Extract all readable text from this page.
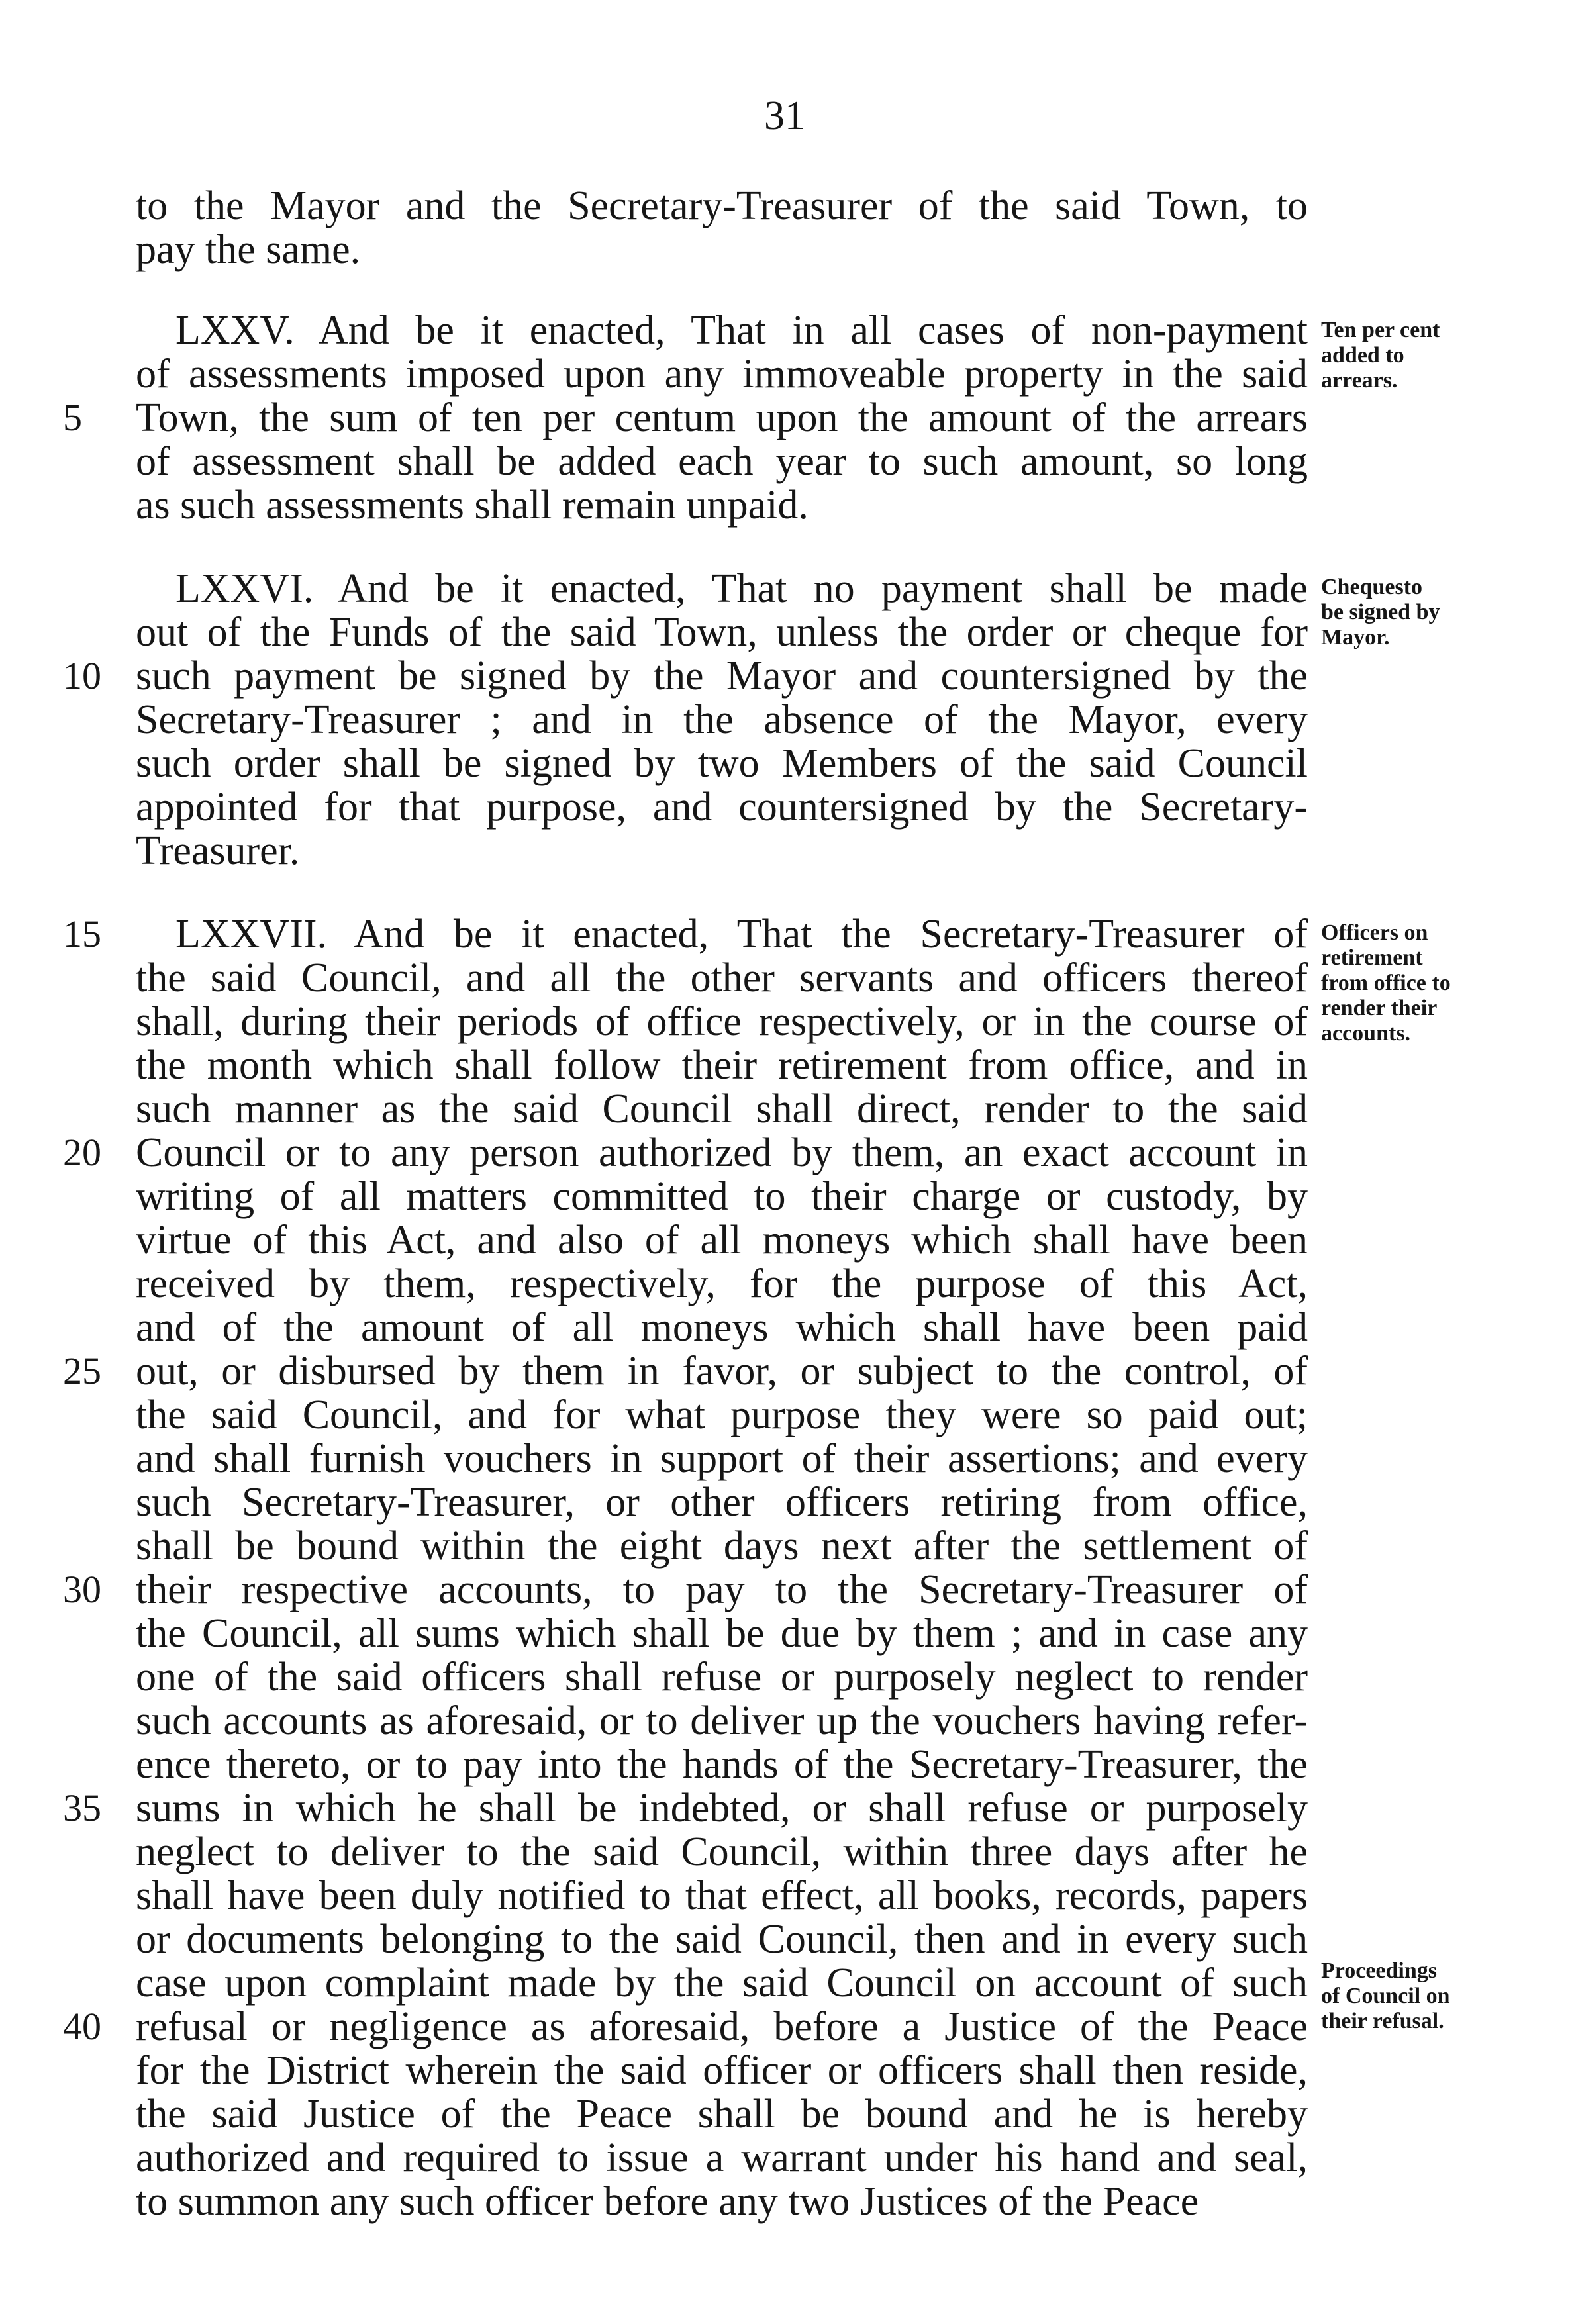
31
to the Mayor and the Secretary-Treasurer of the said Town, to
pay the same.
LXXV. And be it enacted, That in all cases of non-payment
of assessments imposed upon any immoveable property in the said
Town, the sum of ten per centum upon the amount of the arrears
of assessment shall be added each year to such amount, so long
as such assessments shall remain unpaid.
LXXVI. And be it enacted, That no payment shall be made
out of the Funds of the said Town, unless the order or cheque for
such payment be signed by the Mayor and countersigned by the
Secretary-Treasurer ; and in the absence of the Mayor, every
such order shall be signed by two Members of the said Council
appointed for that purpose, and countersigned by the Secretary-
Treasurer.
LXXVII. And be it enacted, That the Secretary-Treasurer of
the said Council, and all the other servants and officers thereof
shall, during their periods of office respectively, or in the course of
the month which shall follow their retirement from office, and in
such manner as the said Council shall direct, render to the said
Council or to any person authorized by them, an exact account in
writing of all matters committed to their charge or custody, by
virtue of this Act, and also of all moneys which shall have been
received by them, respectively, for the purpose of this Act,
and of the amount of all moneys which shall have been paid
out, or disbursed by them in favor, or subject to the control, of
the said Council, and for what purpose they were so paid out;
and shall furnish vouchers in support of their assertions; and every
such Secretary-Treasurer, or other officers retiring from office,
shall be bound within the eight days next after the settlement of
their respective accounts, to pay to the Secretary-Treasurer of
the Council, all sums which shall be due by them ; and in case any
one of the said officers shall refuse or purposely neglect to render
such accounts as aforesaid, or to deliver up the vouchers having refer-
ence thereto, or to pay into the hands of the Secretary-Treasurer, the
sums in which he shall be indebted, or shall refuse or purposely
neglect to deliver to the said Council, within three days after he
shall have been duly notified to that effect, all books, records, papers
or documents belonging to the said Council, then and in every such
case upon complaint made by the said Council on account of such
refusal or negligence as aforesaid, before a Justice of the Peace
for the District wherein the said officer or officers shall then reside,
the said Justice of the Peace shall be bound and he is hereby
authorized and required to issue a warrant under his hand and seal,
to summon any such officer before any two Justices of the Peace
5
10
15
20
25
30
35
40
Ten per cent
added to
arrears.
Chequesto
be signed by
Mayor.
Officers on
retirement
from office to
render their
accounts.
Proceedings
of Council on
their refusal.
